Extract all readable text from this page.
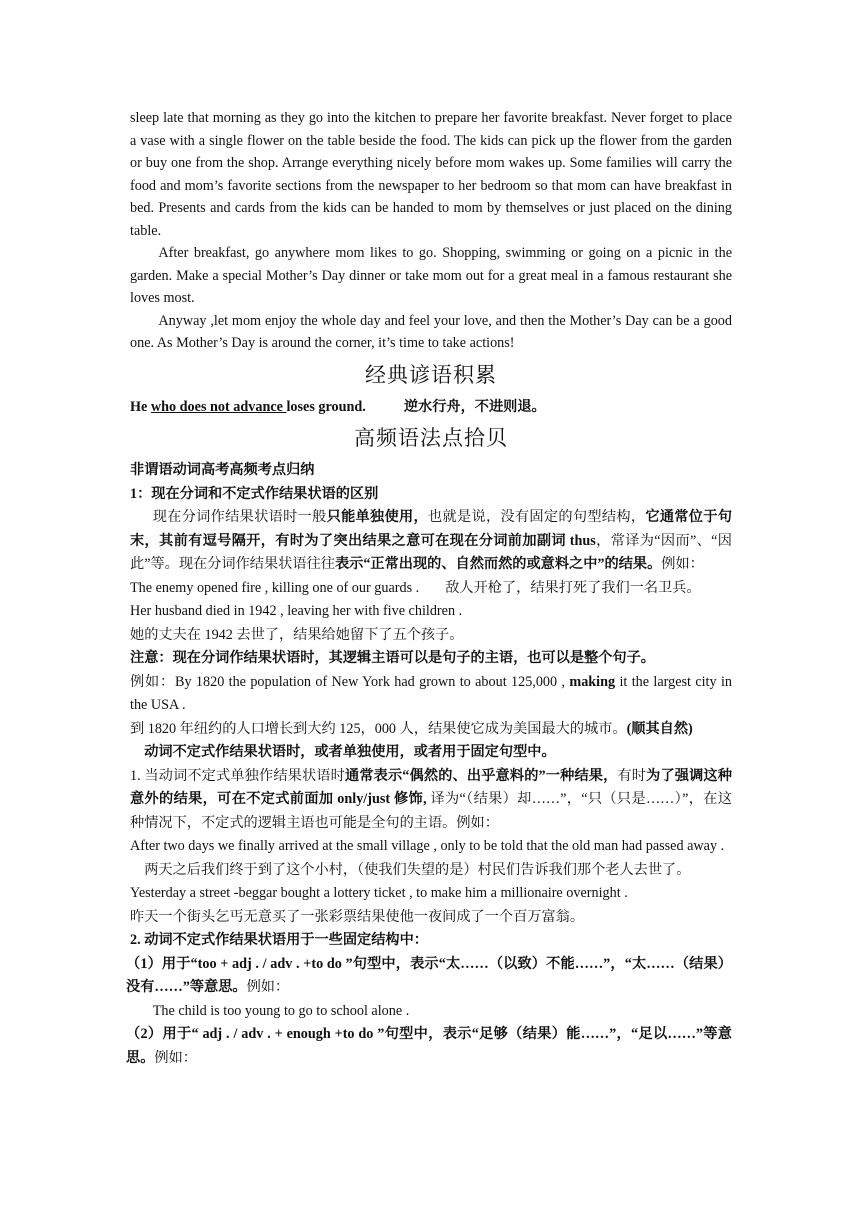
sleep late that morning as they go into the kitchen to prepare her favorite breakfast. Never forget to place a vase with a single flower on the table beside the food. The kids can pick up the flower from the garden or buy one from the shop. Arrange everything nicely before mom wakes up. Some families will carry the food and mom’s favorite sections from the newspaper to her bedroom so that mom can have breakfast in bed. Presents and cards from the kids can be handed to mom by themselves or just placed on the dining table.

After breakfast, go anywhere mom likes to go. Shopping, swimming or going on a picnic in the garden. Make a special Mother’s Day dinner or take mom out for a great meal in a famous restaurant she loves most.

Anyway ,let mom enjoy the whole day and feel your love, and then the Mother’s Day can be a good one. As Mother’s Day is around the corner, it’s time to take actions!

经典谚语积累

He who does not advance loses ground.	逆水行舟，不进则退。

高频语法点拾贝

非谓语动词高考高频考点归纳

1：现在分词和不定式作结果状语的区别

现在分词作结果状语时一般只能单独使用，也就是说，没有固定的句型结构，它通常位于句末，其前有逗号隔开，有时为了突出结果之意可在现在分词前加副词 thus，常译为“因而”、“因此”等。现在分词作结果状语往往表示“正常出现的、自然而然的或意料之中”的结果。例如：

The enemy opened fire , killing one of our guards . 敌人开枪了，结果打死了我们一名卫兵。

Her husband died in 1942 , leaving her with five children .

她的丈夫在 1942 去世了，结果给她留下了五个孩子。

注意：现在分词作结果状语时，其逻辑主语可以是句子的主语，也可以是整个句子。

例如：By 1820 the population of New York had grown to about 125,000 , making it the largest city in the USA .

到 1820 年纽约的人口增长到大约 125，000 人，结果使它成为美国最大的城市。(顺其自然)

动词不定式作结果状语时，或者单独使用，或者用于固定句型中。

1. 当动词不定式单独作结果状语时通常表示“偶然的、出乎意料的”一种结果，有时为了强调这种意外的结果，可在不定式前面加 only/just 修饰, 译为“（结果）却……”，“只（只是……）”，在这种情况下，不定式的逻辑主语也可能是全句的主语。例如：

After two days we finally arrived at the small village , only to be told that the old man had passed away .

两天之后我们终于到了这个小村，（使我们失望的是）村民们告诉我们那个老人去世了。

Yesterday a street -beggar bought a lottery ticket , to make him a millionaire overnight .

昨天一个街头乞丐无意买了一张彩票结果使他一夜间成了一个百万富翁。

2. 动词不定式作结果状语用于一些固定结构中：

（1）用于“too + adj . / adv . +to do ”句型中，表示“太……（以致）不能……”，“太……（结果）没有……”等意思。例如：

The child is too young to go to school alone .

（2）用于“ adj . / adv . + enough +to do ”句型中，表示“足够（结果）能……”，“足以……”等意思。例如：
